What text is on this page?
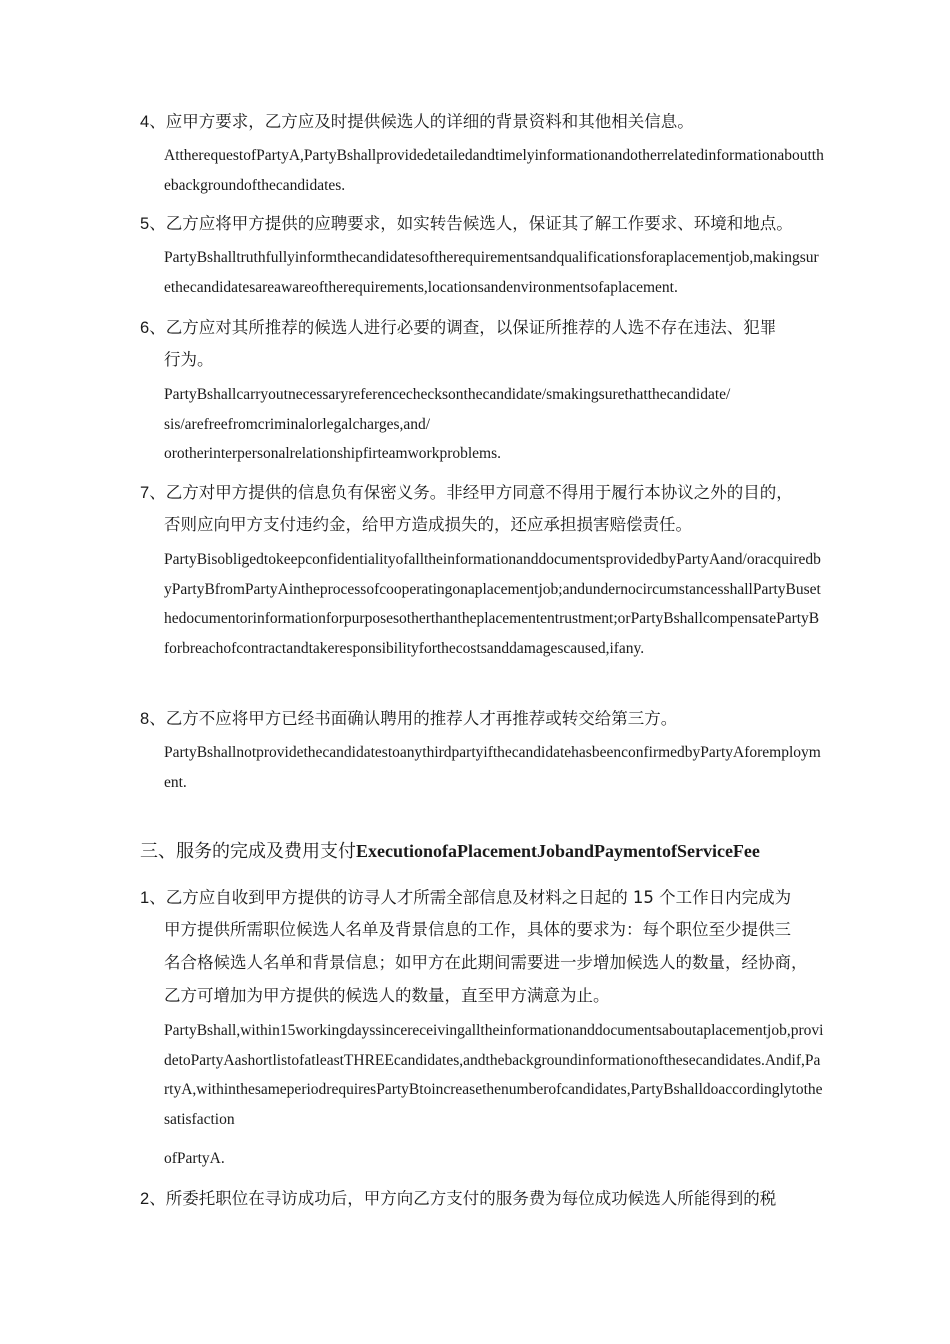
4、应甲方要求，乙方应及时提供候选人的详细的背景资料和其他相关信息。
AttherequestofPartyA,PartyBshallprovidedetailedandtimelyinformationandotherrelatedinformationaboutthebackgroundofthecandidates.
5、乙方应将甲方提供的应聘要求，如实转告候选人，保证其了解工作要求、环境和地点。
PartyBshalltruthfullyinformthecandidatesoftherequirementsandqualificationsforaplacementjob,makingsurethecandidatesareawareoftherequirements,locationsandenvironmentsofaplacement.
6、乙方应对其所推荐的候选人进行必要的调查，以保证所推荐的人选不存在违法、犯罪
行为。
PartyBshallcarryoutnecessaryreferencechecksonthecandidate/smakingsurethatthecandidate/
sis/arefreefromcriminalorlegalcharges,and/
orotherinterpersonalrelationshipfirteamworkproblems.
7、乙方对甲方提供的信息负有保密义务。非经甲方同意不得用于履行本协议之外的目的，
否则应向甲方支付违约金，给甲方造成损失的，还应承担损害赔偿责任。
PartyBisobligedtokeepconfidentialityofalltheinformationanddocumentsprovidedbyPartyAand/oracquiredbyPartyBfromPartyAintheprocessofcooperatingonaplacementjob;andundernocircumstancesshallPartyBusethedocumentorinformationforpurposesotherthantheplacemententrustment;orPartyBshallcompensatePartyBforbreachofcontractandtakeresponsibilityforthecostsanddamagescaused,ifany.
8、乙方不应将甲方已经书面确认聘用的推荐人才再推荐或转交给第三方。
PartyBshallnotprovidethecandidatestoanythirdpartyifthecandidatehasbeenconfirmedbyPartyAforemployment.
三、服务的完成及费用支付ExecutionofaPlacementJobandPaymentofServiceFee
1、乙方应自收到甲方提供的访寻人才所需全部信息及材料之日起的 15 个工作日内完成为
甲方提供所需职位候选人名单及背景信息的工作，具体的要求为：每个职位至少提供三
名合格候选人名单和背景信息；如甲方在此期间需要进一步增加候选人的数量，经协商，
乙方可增加为甲方提供的候选人的数量，直至甲方满意为止。
PartyBshall,within15workingdayssincereceivingalltheinformationanddocumentsaboutaplacementjob,providetoPartyAashortlistofatleastTHREEcandidates,andthebackgroundinformationofthesecandidates.Andif,PartyA,withinthesameperiodrequiresPartyBtoincreasethenumberofcandidates,PartyBshalldoaccordinglytothesatisfaction
ofPartyA.
2、所委托职位在寻访成功后，甲方向乙方支付的服务费为每位成功候选人所能得到的税
